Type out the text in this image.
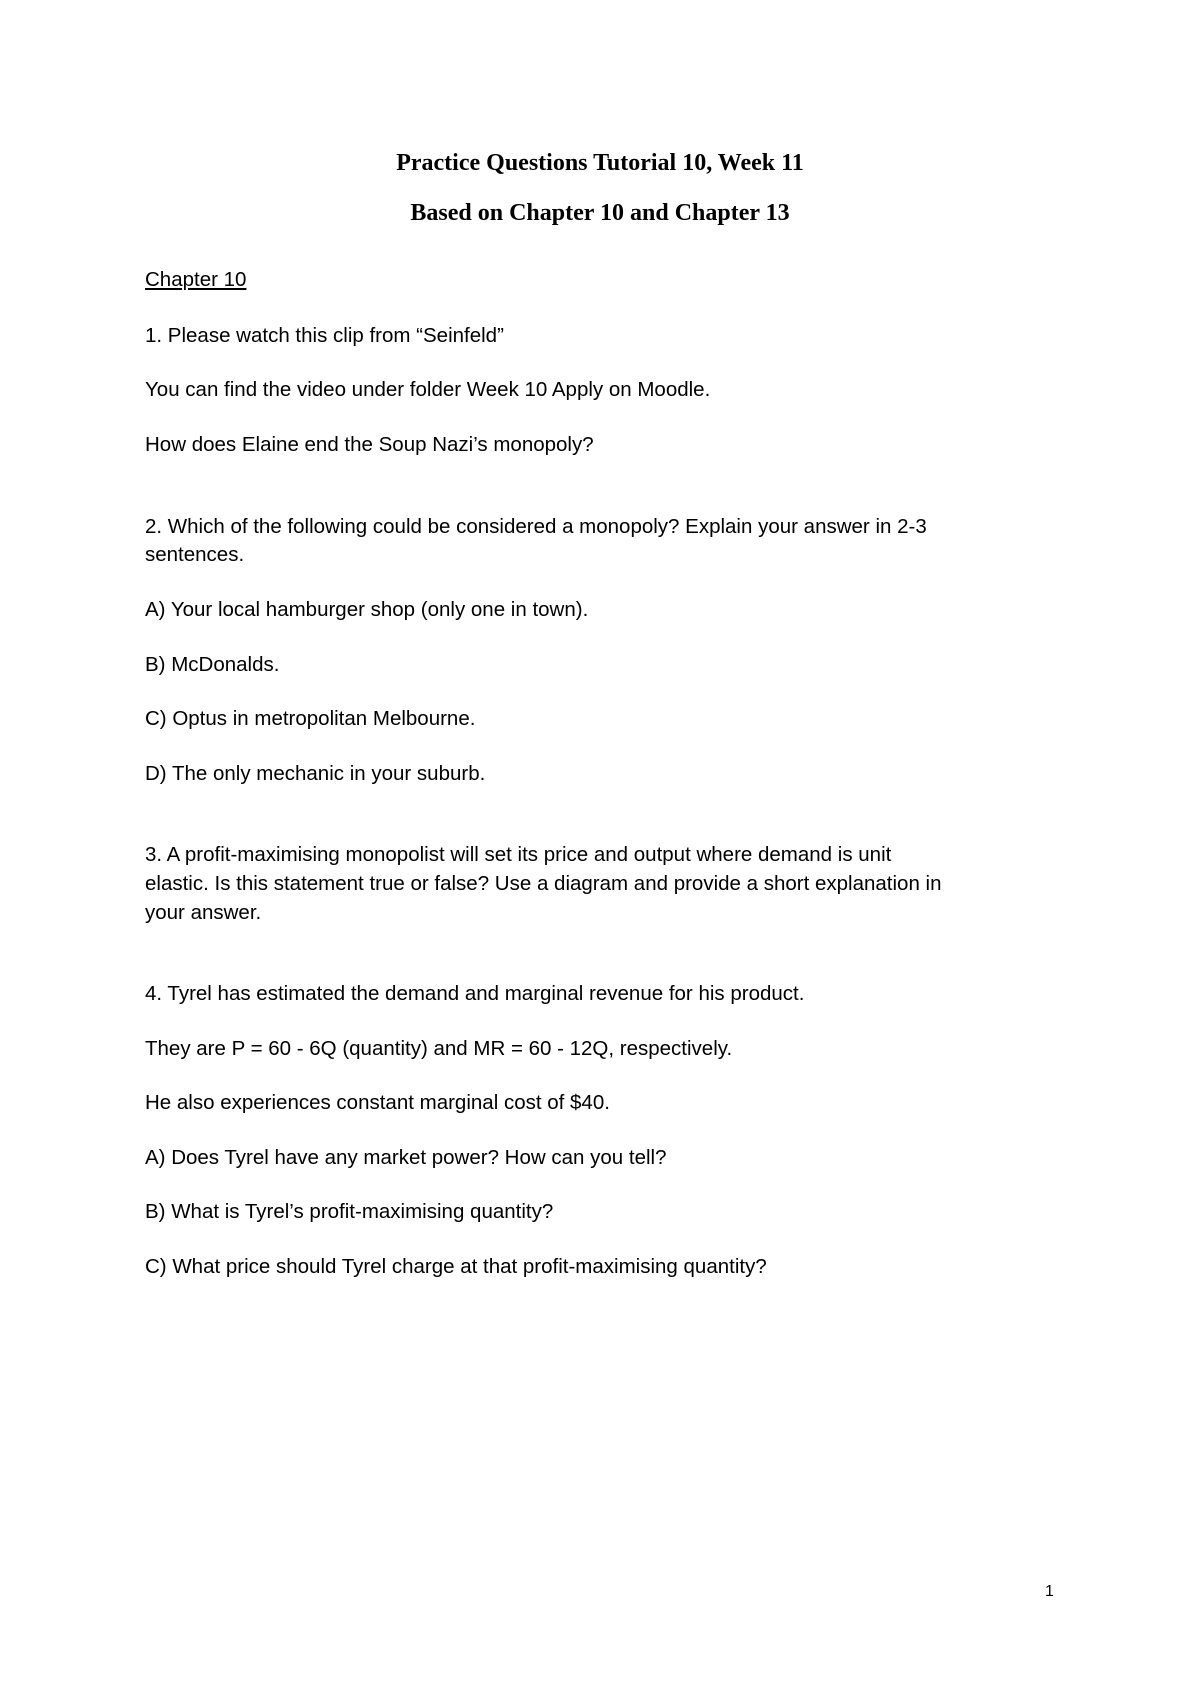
Practice Questions Tutorial 10, Week 11
Based on Chapter 10 and Chapter 13
Chapter 10
1. Please watch this clip from “Seinfeld”
You can find the video under folder Week 10 Apply on Moodle.
How does Elaine end the Soup Nazi’s monopoly?
2. Which of the following could be considered a monopoly? Explain your answer in 2-3
sentences.
A) Your local hamburger shop (only one in town).
B) McDonalds.
C) Optus in metropolitan Melbourne.
D) The only mechanic in your suburb.
3. A profit-maximising monopolist will set its price and output where demand is unit
elastic. Is this statement true or false? Use a diagram and provide a short explanation in
your answer.
4. Tyrel has estimated the demand and marginal revenue for his product.
They are P = 60 - 6Q (quantity) and MR = 60 - 12Q, respectively.
He also experiences constant marginal cost of $40.
A) Does Tyrel have any market power? How can you tell?
B) What is Tyrel’s profit-maximising quantity?
C) What price should Tyrel charge at that profit-maximising quantity?
1
